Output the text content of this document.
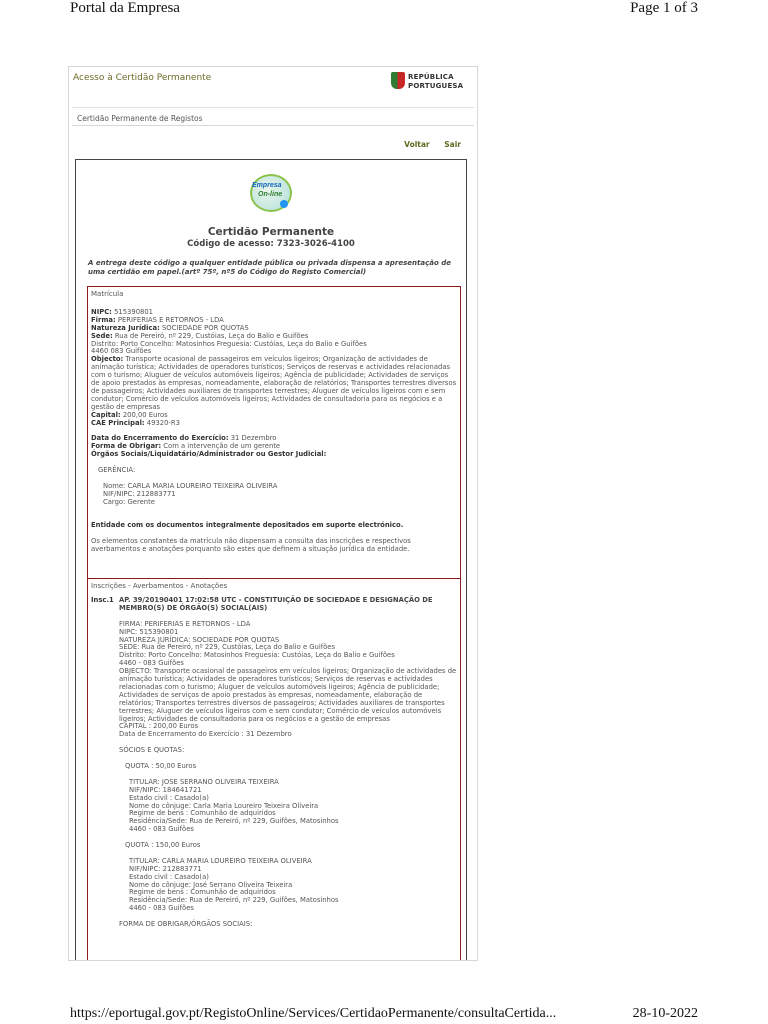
Portal da Empresa	Page 1 of 3
Acesso à Certidão Permanente	REPÚBLICA
PORTUGUESA
Certidão Permanente de Registos
Voltar Sair
Empresa
On-line
Certidão Permanente
Código de acesso: 7323-3026-4100
A entrega deste código a qualquer entidade pública ou privada dispensa a apresentação de uma certidão em papel.(artº 75º, nº5 do Código do Registo Comercial)
Matrícula
NIPC: 515390801
Firma: PERIFERIAS E RETORNOS - LDA
Natureza Jurídica: SOCIEDADE POR QUOTAS
Sede: Rua de Pereiró, nº 229, Custóias, Leça do Balio e Guifões
Distrito: Porto Concelho: Matosinhos Freguesia: Custóias, Leça do Balio e Guifões
4460 083 Guifões
Objecto: Transporte ocasional de passageiros em veículos ligeiros; Organização de actividades de animação turística; Actividades de operadores turísticos; Serviços de reservas e actividades relacionadas com o turismo; Aluguer de veículos automóveis ligeiros; Agência de publicidade; Actividades de serviços de apoio prestados às empresas, nomeadamente, elaboração de relatórios; Transportes terrestres diversos de passageiros; Actividades auxiliares de transportes terrestres; Aluguer de veículos ligeiros com e sem condutor; Comércio de veículos automóveis ligeiros; Actividades de consultadoria para os negócios e a gestão de empresas
Capital: 200,00 Euros
CAE Principal: 49320-R3
Data do Encerramento do Exercício: 31 Dezembro
Forma de Obrigar: Com a intervenção de um gerente
Órgãos Sociais/Liquidatário/Administrador ou Gestor Judicial:
GERÊNCIA:
Nome: CARLA MARIA LOUREIRO TEIXEIRA OLIVEIRA
NIF/NIPC: 212883771
Cargo: Gerente
Entidade com os documentos integralmente depositados em suporte electrónico.
Os elementos constantes da matrícula não dispensam a consulta das inscrições e respectivos averbamentos e anotações porquanto são estes que definem a situação jurídica da entidade.
Inscrições - Averbamentos - Anotações
Insc.1 AP. 39/20190401 17:02:58 UTC - CONSTITUIÇÃO DE SOCIEDADE E DESIGNAÇÃO DE MEMBRO(S) DE ÓRGÃO(S) SOCIAL(AIS)
FIRMA: PERIFERIAS E RETORNOS - LDA
NIPC: 515390801
NATUREZA JURÍDICA: SOCIEDADE POR QUOTAS
SEDE: Rua de Pereiró, nº 229, Custóias, Leça do Balio e Guifões
Distrito: Porto Concelho: Matosinhos Freguesia: Custóias, Leça do Balio e Guifões
4460 - 083 Guifões
OBJECTO: Transporte ocasional de passageiros em veículos ligeiros; Organização de actividades de animação turística; Actividades de operadores turísticos; Serviços de reservas e actividades relacionadas com o turismo; Aluguer de veículos automóveis ligeiros; Agência de publicidade; Actividades de serviços de apoio prestados às empresas, nomeadamente, elaboração de relatórios; Transportes terrestres diversos de passageiros; Actividades auxiliares de transportes terrestres; Aluguer de veículos ligeiros com e sem condutor; Comércio de veículos automóveis ligeiros; Actividades de consultadoria para os negócios e a gestão de empresas
CAPITAL : 200,00 Euros
Data de Encerramento do Exercício : 31 Dezembro
SÓCIOS E QUOTAS:
QUOTA : 50,00 Euros
TITULAR: JOSE SERRANO OLIVEIRA TEIXEIRA
NIF/NIPC: 184641721
Estado civil : Casado(a)
Nome do cônjuge: Carla Maria Loureiro Teixeira Oliveira
Regime de bens : Comunhão de adquiridos
Residência/Sede: Rua de Pereiró, nº 229, Guifões, Matosinhos
4460 - 083 Guifões
QUOTA : 150,00 Euros
TITULAR: CARLA MARIA LOUREIRO TEIXEIRA OLIVEIRA
NIF/NIPC: 212883771
Estado civil : Casado(a)
Nome do cônjuge: José Serrano Oliveira Teixeira
Regime de bens : Comunhão de adquiridos
Residência/Sede: Rua de Pereiró, nº 229, Guifões, Matosinhos
4460 - 083 Guifões
FORMA DE OBRIGAR/ÓRGÃOS SOCIAIS:
https://eportugal.gov.pt/RegistoOnline/Services/CertidaoPermanente/consultaCertida...	28-10-2022
